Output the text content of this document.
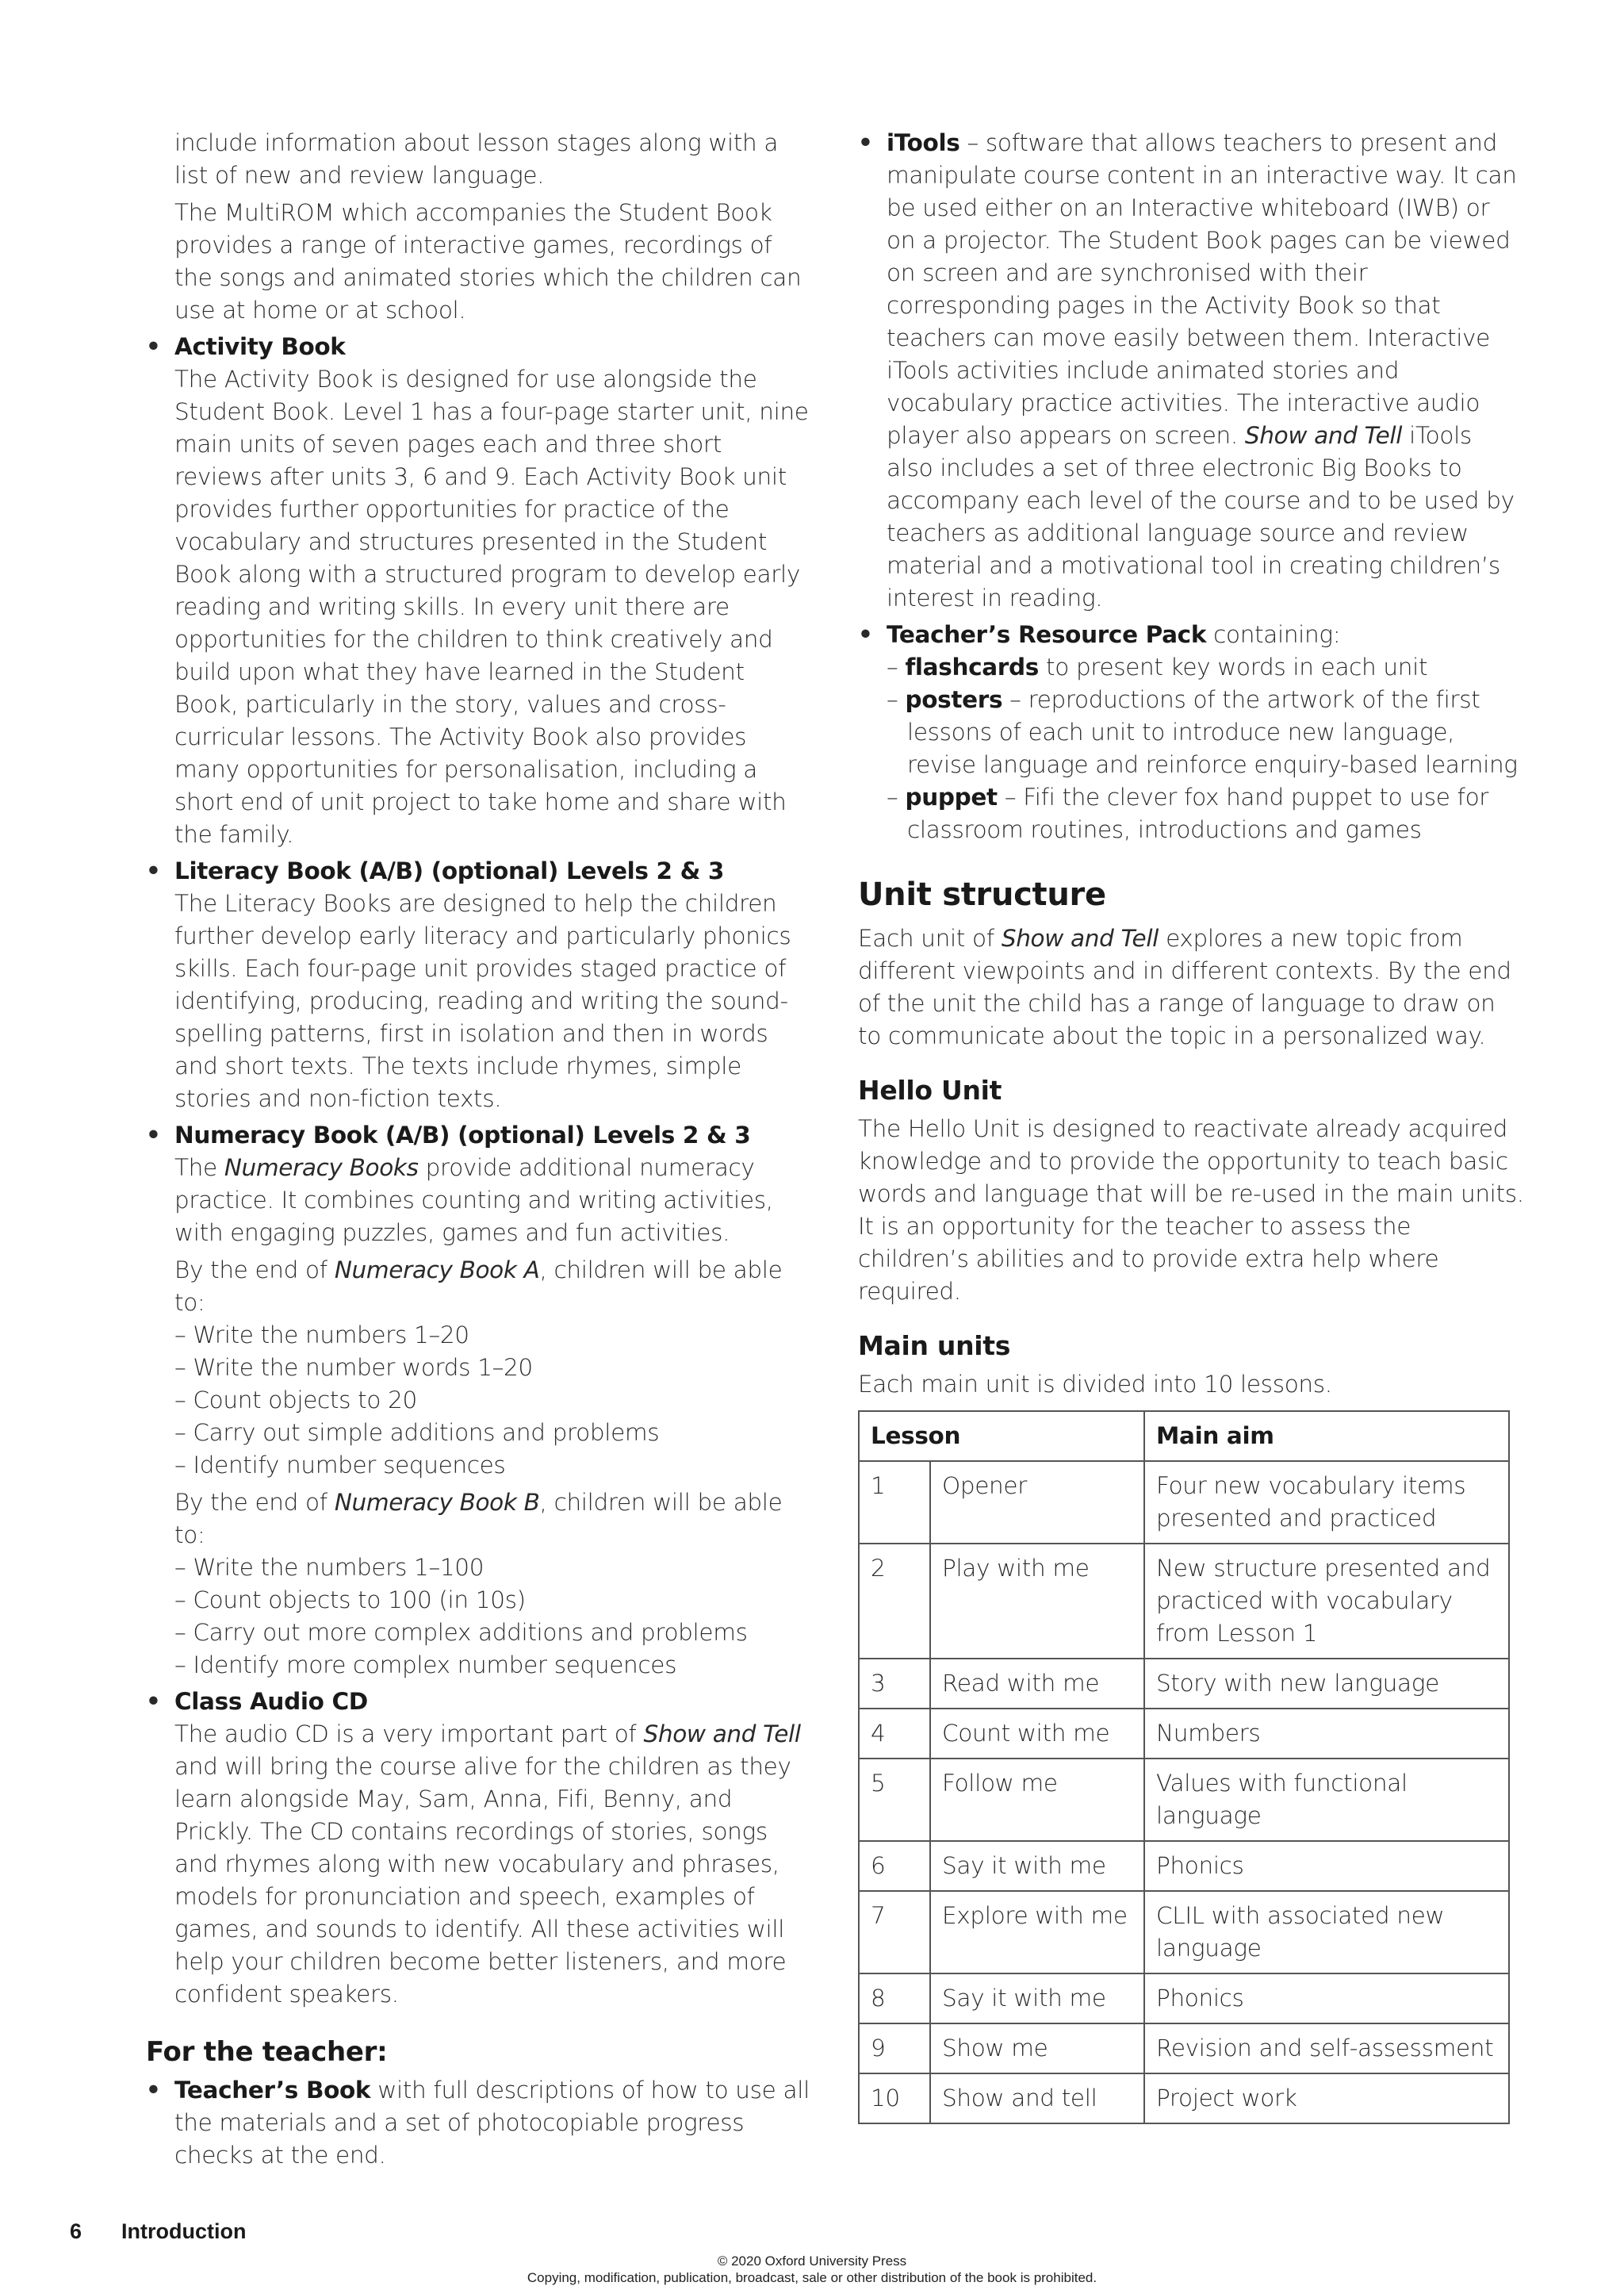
include information about lesson stages along with a list of new and review language.

The MultiROM which accompanies the Student Book provides a range of interactive games, recordings of the songs and animated stories which the children can use at home or at school.

• Activity Book

The Activity Book is designed for use alongside the Student Book. Level 1 has a four-page starter unit, nine main units of seven pages each and three short reviews after units 3, 6 and 9. Each Activity Book unit provides further opportunities for practice of the vocabulary and structures presented in the Student Book along with a structured program to develop early reading and writing skills. In every unit there are opportunities for the children to think creatively and build upon what they have learned in the Student Book, particularly in the story, values and cross-curricular lessons. The Activity Book also provides many opportunities for personalisation, including a short end of unit project to take home and share with the family.

• Literacy Book (A/B) (optional) Levels 2 & 3

The Literacy Books are designed to help the children further develop early literacy and particularly phonics skills. Each four-page unit provides staged practice of identifying, producing, reading and writing the sound-spelling patterns, first in isolation and then in words and short texts. The texts include rhymes, simple stories and non-fiction texts.

• Numeracy Book (A/B) (optional) Levels 2 & 3

The Numeracy Books provide additional numeracy practice. It combines counting and writing activities, with engaging puzzles, games and fun activities.

By the end of Numeracy Book A, children will be able to:

– Write the numbers 1–20

– Write the number words 1–20

– Count objects to 20

– Carry out simple additions and problems

– Identify number sequences

By the end of Numeracy Book B, children will be able to:

– Write the numbers 1–100

– Count objects to 100 (in 10s)

– Carry out more complex additions and problems

– Identify more complex number sequences

• Class Audio CD

The audio CD is a very important part of Show and Tell and will bring the course alive for the children as they learn alongside May, Sam, Anna, Fifi, Benny, and Prickly. The CD contains recordings of stories, songs and rhymes along with new vocabulary and phrases, models for pronunciation and speech, examples of games, and sounds to identify. All these activities will help your children become better listeners, and more confident speakers.

For the teacher:
• Teacher’s Book with full descriptions of how to use all the materials and a set of photocopiable progress checks at the end.

• iTools – software that allows teachers to present and manipulate course content in an interactive way. It can be used either on an Interactive whiteboard (IWB) or on a projector. The Student Book pages can be viewed on screen and are synchronised with their corresponding pages in the Activity Book so that teachers can move easily between them. Interactive iTools activities include animated stories and vocabulary practice activities. The interactive audio player also appears on screen. Show and Tell iTools also includes a set of three electronic Big Books to accompany each level of the course and to be used by teachers as additional language source and review material and a motivational tool in creating children’s interest in reading.

• Teacher’s Resource Pack containing:

– flashcards to present key words in each unit

– posters – reproductions of the artwork of the first lessons of each unit to introduce new language, revise language and reinforce enquiry-based learning

– puppet – Fifi the clever fox hand puppet to use for classroom routines, introductions and games

Unit structure

Each unit of Show and Tell explores a new topic from different viewpoints and in different contexts. By the end of the unit the child has a range of language to draw on to communicate about the topic in a personalized way.

Hello Unit

The Hello Unit is designed to reactivate already acquired knowledge and to provide the opportunity to teach basic words and language that will be re-used in the main units. It is an opportunity for the teacher to assess the children’s abilities and to provide extra help where required.

Main units

Each main unit is divided into 10 lessons.

Lesson		Main aim
1	Opener	Four new vocabulary items presented and practiced
2	Play with me	New structure presented and practiced with vocabulary from Lesson 1
3	Read with me	Story with new language
4	Count with me	Numbers
5	Follow me	Values with functional language
6	Say it with me	Phonics
7	Explore with me	CLIL with associated new language
8	Say it with me	Phonics
9	Show me	Revision and self-assessment
10	Show and tell	Project work
6 Introduction
© 2020 Oxford University Press
Copying, modification, publication, broadcast, sale or other distribution of the book is prohibited.
